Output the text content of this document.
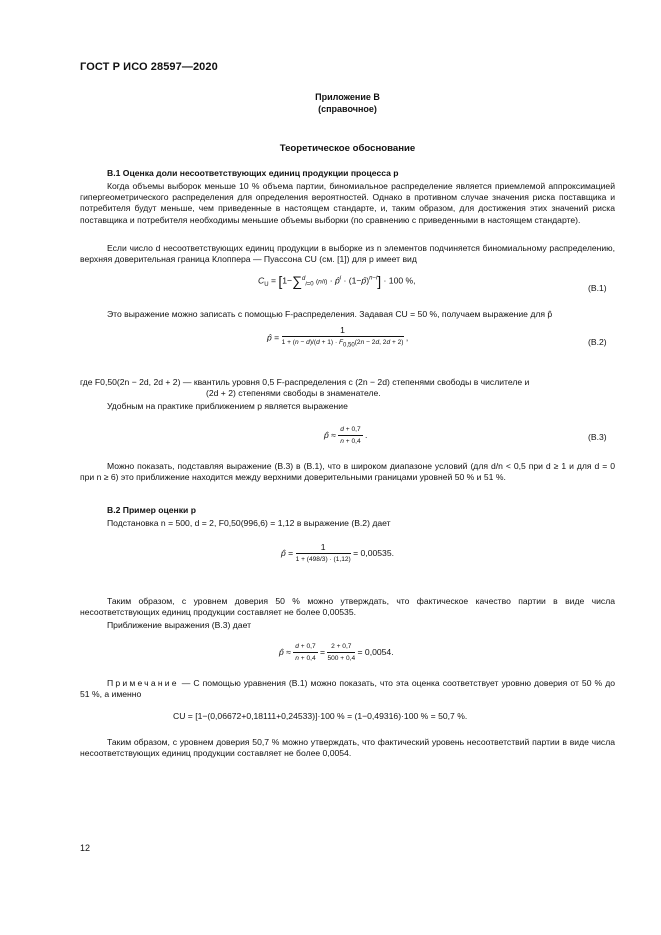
ГОСТ Р ИСО 28597—2020
Приложение В
(справочное)
Теоретическое обоснование
В.1 Оценка доли несоответствующих единиц продукции процесса p
Когда объемы выборок меньше 10 % объема партии, биномиальное распределение является приемлемой аппроксимацией гипергеометрического распределения для определения вероятностей. Однако в противном случае значения риска поставщика и потребителя будут меньше, чем приведенные в настоящем стандарте, и, таким образом, для достижения этих значений риска поставщика и потребителя необходимы меньшие объемы выборки (по сравнению с приведенными в настоящем стандарте).
Если число d несоответствующих единиц продукции в выборке из n элементов подчиняется биномиальному распределению, верхняя доверительная граница Клоппера — Пуассона CU (см. [1]) для p имеет вид
$C_U = [1-\sum di=0$ (n/i) · p̂$^i$ · (1−p̂)$^{n-i}$] · 100 %,
(В.1)
Это выражение можно записать с помощью F-распределения. Задавая CU = 50 %, получаем выражение для p̂
p̂ = $\frac{1}{1 + (n - d)/(d + 1) \cdot F0,50(2n - 2d, 2d + 2)}$ ,	(В.2)
где F0,50(2n − 2d, 2d + 2) — квантиль уровня 0,5 F-распределения с (2n − 2d) степенями свободы в числителе и
(2d + 2) степенями свободы в знаменателе.
Удобным на практике приближением p является выражение
p̂ ≈ $\frac{d + 0,7}{n + 0,4}$ .	(В.3)
Можно показать, подставляя выражение (В.3) в (В.1), что в широком диапазоне условий (для d/n < 0,5 при d ≥ 1 и для d = 0 при n ≥ 6) это приближение находится между верхними доверительными границами уровней 50 % и 51 %.
В.2 Пример оценки p
Подстановка n = 500, d = 2, F0,50(996,6) = 1,12 в выражение (В.2) дает
p̂ = $\frac{1}{1 + (498/3) \cdot (1,12)} = 0,00535$.
Таким образом, с уровнем доверия 50 % можно утверждать, что фактическое качество партии в виде числа несоответствующих единиц продукции составляет не более 0,00535.
Приближение выражения (В.3) дает
p̂ ≈ $\frac{d + 0,7}{n + 0,4} = \frac{2 + 0,7}{500 + 0,4} = 0,0054$.
Примечание — С помощью уравнения (В.1) можно показать, что эта оценка соответствует уровню доверия от 50 % до 51 %, а именно
CU = [1−(0,06672+0,18111+0,24533)]·100 % = (1−0,49316)·100 % = 50,7 %.
Таким образом, с уровнем доверия 50,7 % можно утверждать, что фактический уровень несоответствий партии в виде числа несоответствующих единиц продукции составляет не более 0,0054.
12
